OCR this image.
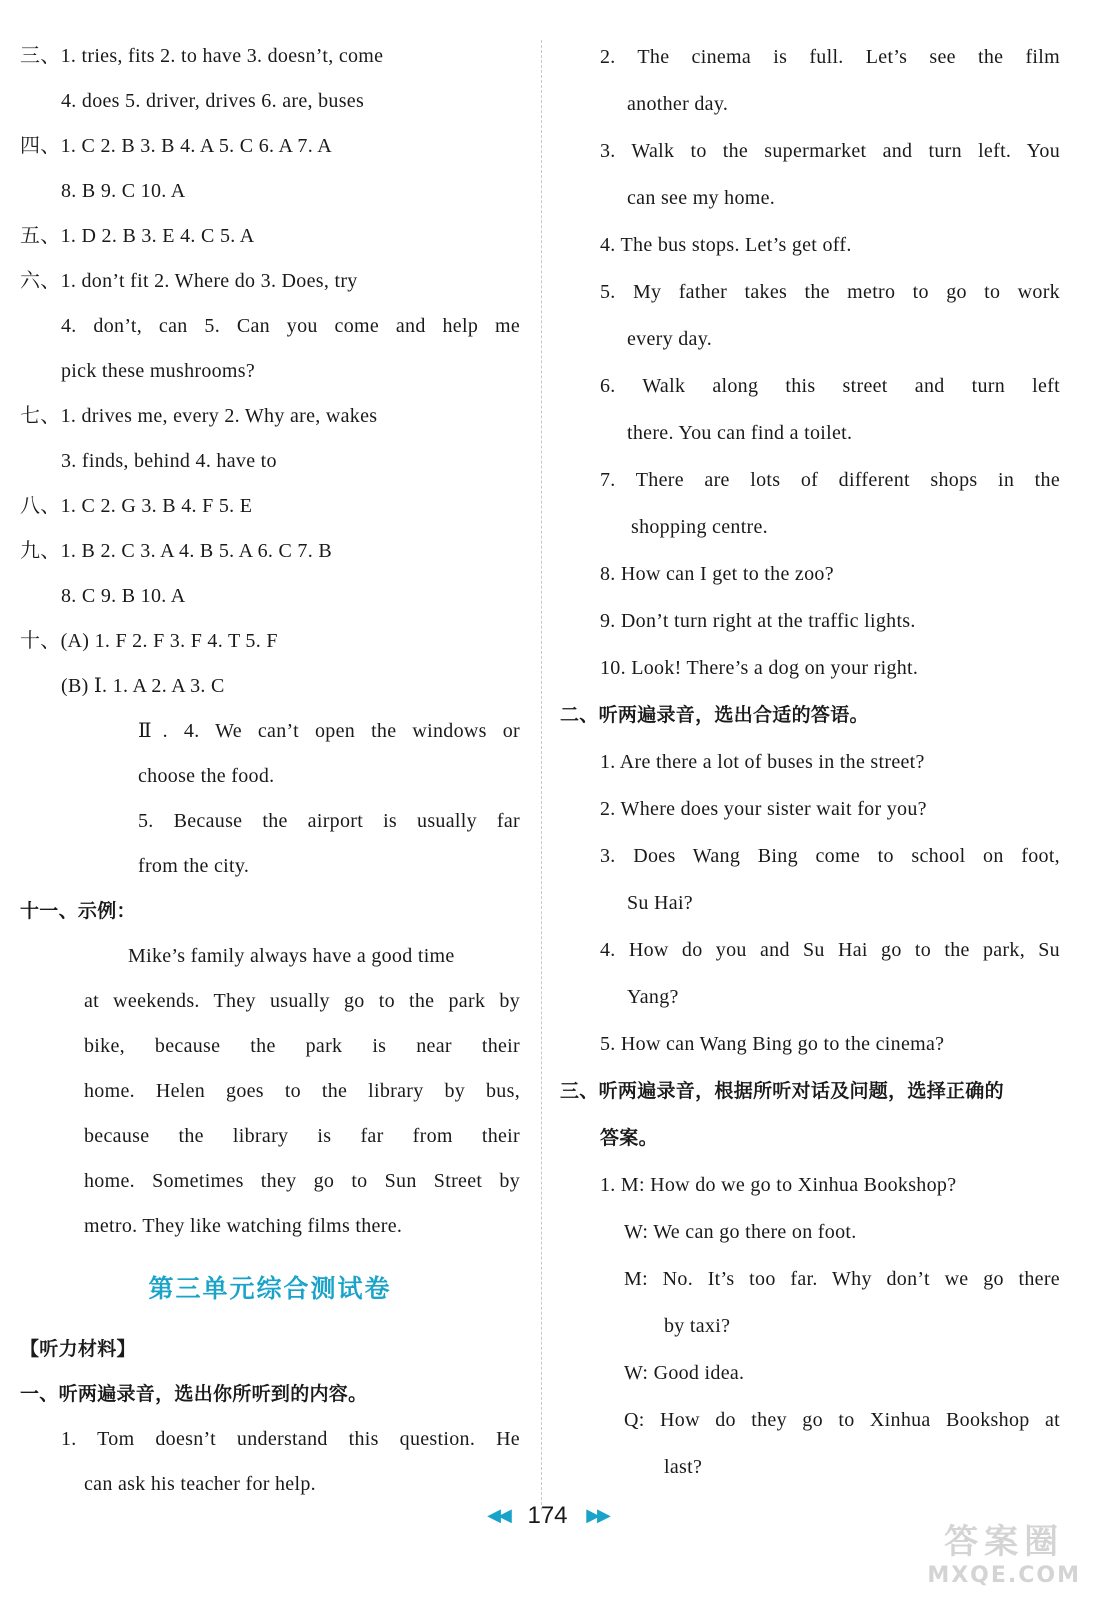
三、1. tries, fits 2. to have 3. doesn’t, come
4. does 5. driver, drives 6. are, buses
四、1. C 2. B 3. B 4. A 5. C 6. A 7. A
8. B 9. C 10. A
五、1. D 2. B 3. E 4. C 5. A
六、1. don’t fit 2. Where do 3. Does, try
4. don’t, can 5. Can you come and help me
pick these mushrooms?
七、1. drives me, every 2. Why are, wakes
3. finds, behind 4. have to
八、1. C 2. G 3. B 4. F 5. E
九、1. B 2. C 3. A 4. B 5. A 6. C 7. B
8. C 9. B 10. A
十、(A) 1. F 2. F 3. F 4. T 5. F
(B) Ⅰ. 1. A 2. A 3. C
Ⅱ. 4. We can’t open the windows or
choose the food.
5. Because the airport is usually far
from the city.
十一、示例：
Mike’s family always have a good time
at weekends. They usually go to the park by
bike, because the park is near their
home. Helen goes to the library by bus,
because the library is far from their
home. Sometimes they go to Sun Street by
metro. They like watching films there.
第三单元综合测试卷
【听力材料】
一、听两遍录音，选出你所听到的内容。
1. Tom doesn’t understand this question. He
can ask his teacher for help.
2. The cinema is full. Let’s see the film
another day.
3. Walk to the supermarket and turn left. You
can see my home.
4. The bus stops. Let’s get off.
5. My father takes the metro to go to work
every day.
6. Walk along this street and turn left
there. You can find a toilet.
7. There are lots of different shops in the
shopping centre.
8. How can I get to the zoo?
9. Don’t turn right at the traffic lights.
10. Look! There’s a dog on your right.
二、听两遍录音，选出合适的答语。
1. Are there a lot of buses in the street?
2. Where does your sister wait for you?
3. Does Wang Bing come to school on foot,
Su Hai?
4. How do you and Su Hai go to the park, Su
Yang?
5. How can Wang Bing go to the cinema?
三、听两遍录音，根据所听对话及问题，选择正确的
答案。
1. M: How do we go to Xinhua Bookshop?
W: We can go there on foot.
M: No. It’s too far. Why don’t we go there
by taxi?
W: Good idea.
Q: How do they go to Xinhua Bookshop at
last?
◀◀ 174 ▶▶
答案圈
MXQE.COM
